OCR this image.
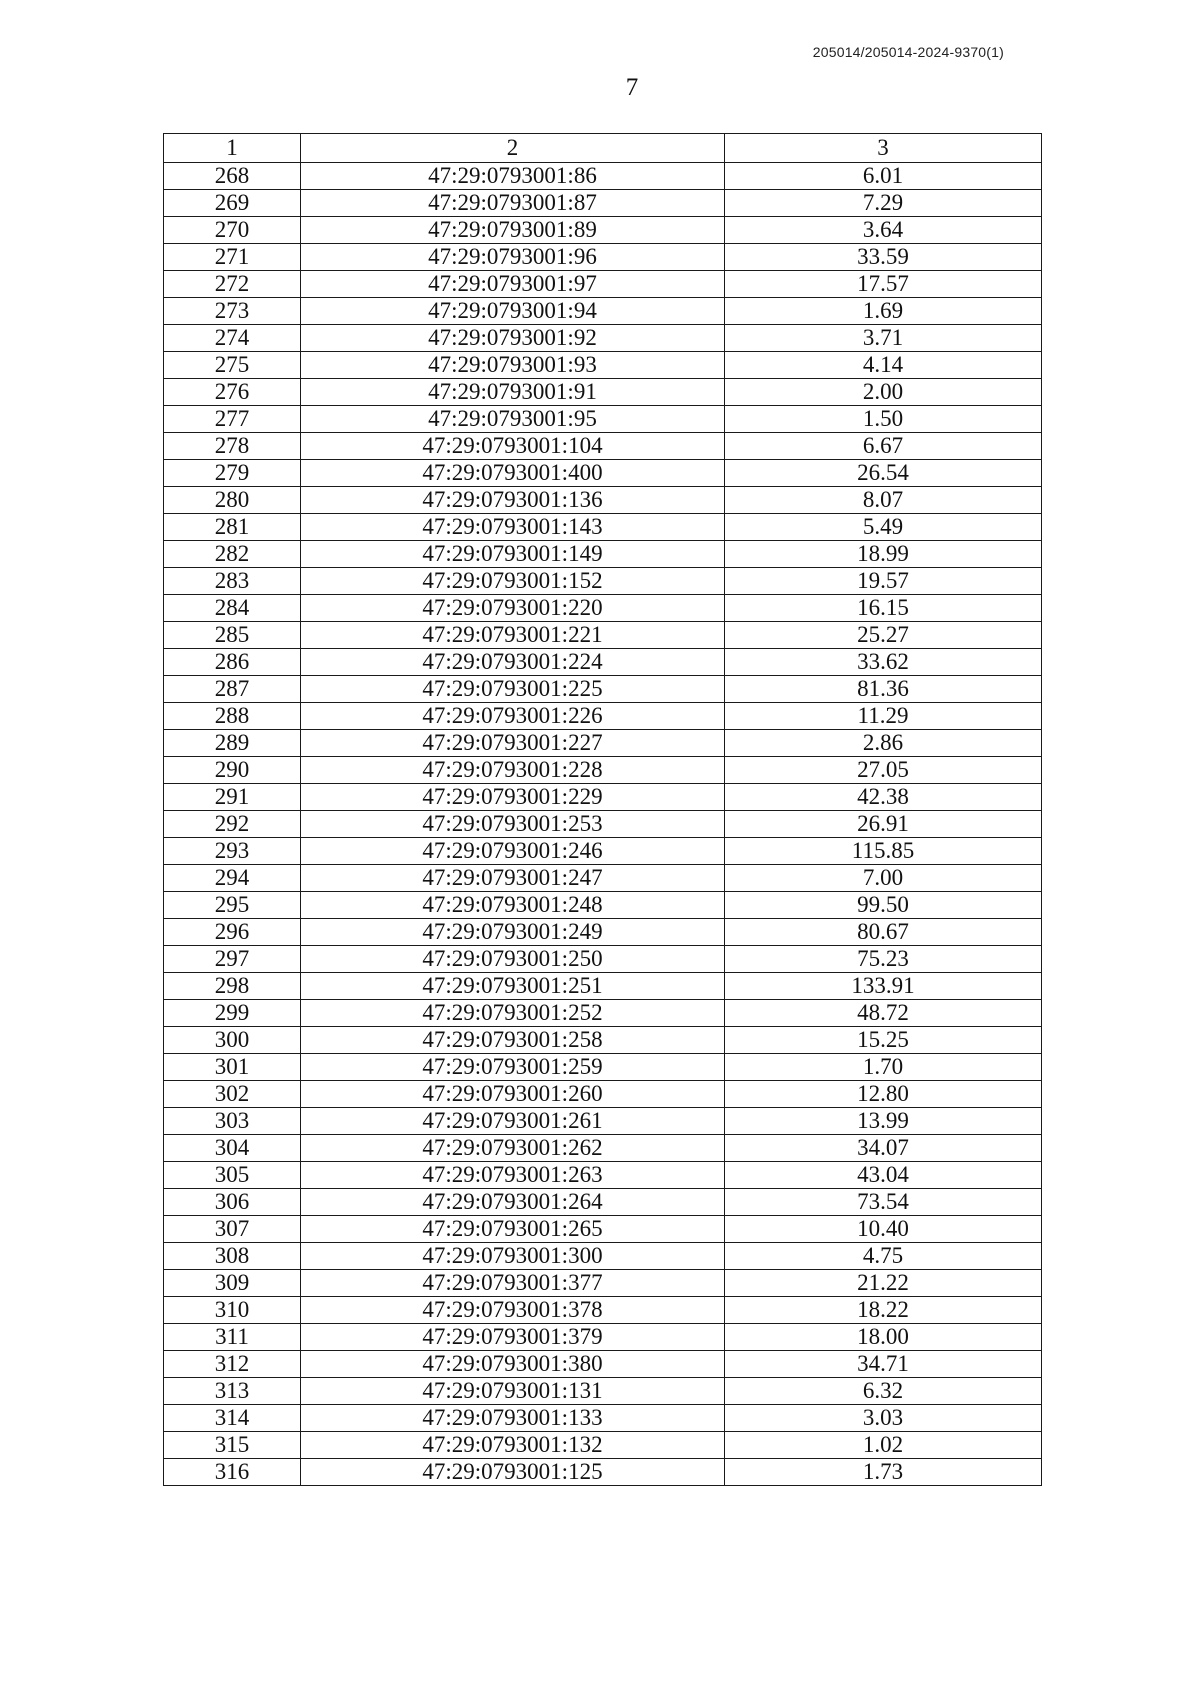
205014/205014-2024-9370(1)
7
1	2	3
268	47:29:0793001:86	6.01
269	47:29:0793001:87	7.29
270	47:29:0793001:89	3.64
271	47:29:0793001:96	33.59
272	47:29:0793001:97	17.57
273	47:29:0793001:94	1.69
274	47:29:0793001:92	3.71
275	47:29:0793001:93	4.14
276	47:29:0793001:91	2.00
277	47:29:0793001:95	1.50
278	47:29:0793001:104	6.67
279	47:29:0793001:400	26.54
280	47:29:0793001:136	8.07
281	47:29:0793001:143	5.49
282	47:29:0793001:149	18.99
283	47:29:0793001:152	19.57
284	47:29:0793001:220	16.15
285	47:29:0793001:221	25.27
286	47:29:0793001:224	33.62
287	47:29:0793001:225	81.36
288	47:29:0793001:226	11.29
289	47:29:0793001:227	2.86
290	47:29:0793001:228	27.05
291	47:29:0793001:229	42.38
292	47:29:0793001:253	26.91
293	47:29:0793001:246	115.85
294	47:29:0793001:247	7.00
295	47:29:0793001:248	99.50
296	47:29:0793001:249	80.67
297	47:29:0793001:250	75.23
298	47:29:0793001:251	133.91
299	47:29:0793001:252	48.72
300	47:29:0793001:258	15.25
301	47:29:0793001:259	1.70
302	47:29:0793001:260	12.80
303	47:29:0793001:261	13.99
304	47:29:0793001:262	34.07
305	47:29:0793001:263	43.04
306	47:29:0793001:264	73.54
307	47:29:0793001:265	10.40
308	47:29:0793001:300	4.75
309	47:29:0793001:377	21.22
310	47:29:0793001:378	18.22
311	47:29:0793001:379	18.00
312	47:29:0793001:380	34.71
313	47:29:0793001:131	6.32
314	47:29:0793001:133	3.03
315	47:29:0793001:132	1.02
316	47:29:0793001:125	1.73
